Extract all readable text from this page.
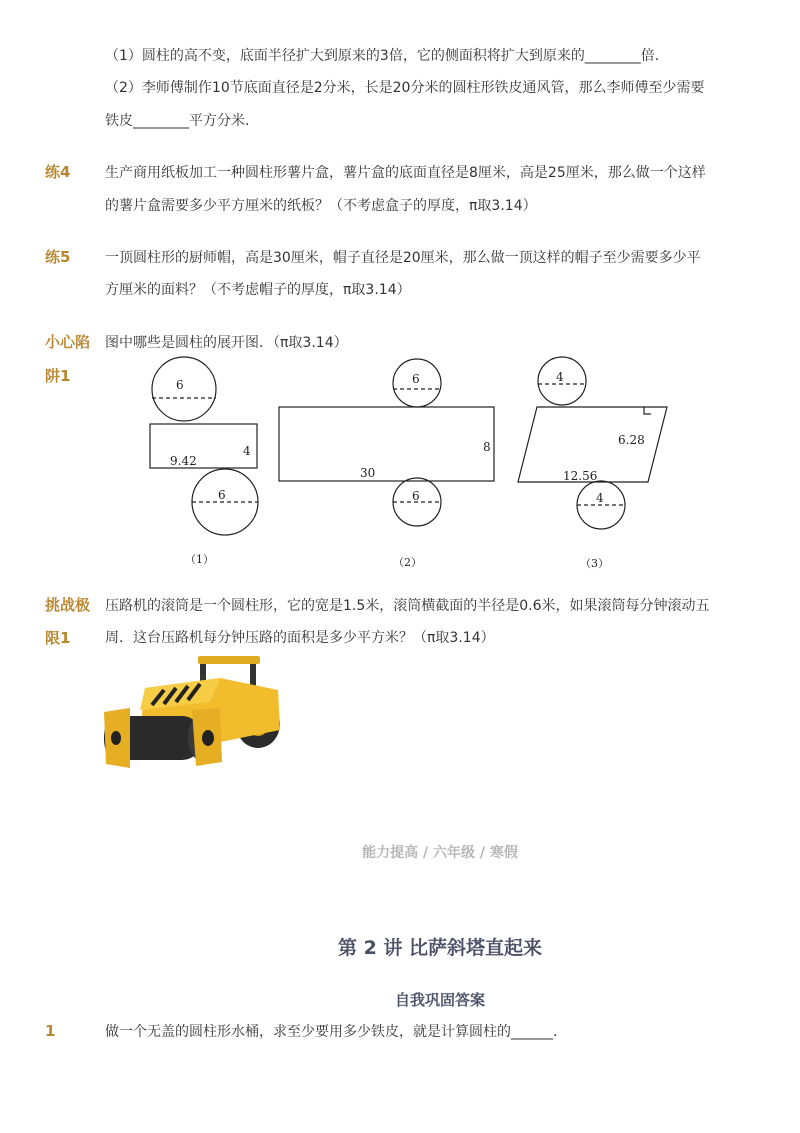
（1）圆柱的高不变，底面半径扩大到原来的3倍，它的侧面积将扩大到原来的________倍．
（2）李师傅制作10节底面直径是2分米，长是20分米的圆柱形铁皮通风管，那么李师傅至少需要
铁皮________平方分米．
练4 生产商用纸板加工一种圆柱形薯片盒，薯片盒的底面直径是8厘米，高是25厘米，那么做一个这样
的薯片盒需要多少平方厘米的纸板？（不考虑盒子的厚度，π取3.14）
练5 一顶圆柱形的厨师帽，高是30厘米，帽子直径是20厘米，那么做一顶这样的帽子至少需要多少平
方厘米的面料？（不考虑帽子的厚度，π取3.14）
小心陷
阱1
图中哪些是圆柱的展开图．（π取3.14）
6
9.42
4
6
（1）
6
30
8
6
（2）
4
6.28
12.56
4
（3）
挑战极
限1
压路机的滚筒是一个圆柱形，它的宽是1.5米，滚筒横截面的半径是0.6米，如果滚筒每分钟滚动五
周．这台压路机每分钟压路的面积是多少平方米？（π取3.14）
能力提高 / 六年级 / 寒假
第 2 讲 比萨斜塔直起来
自我巩固答案
1	做一个无盖的圆柱形水桶，求至少要用多少铁皮，就是计算圆柱的______．
